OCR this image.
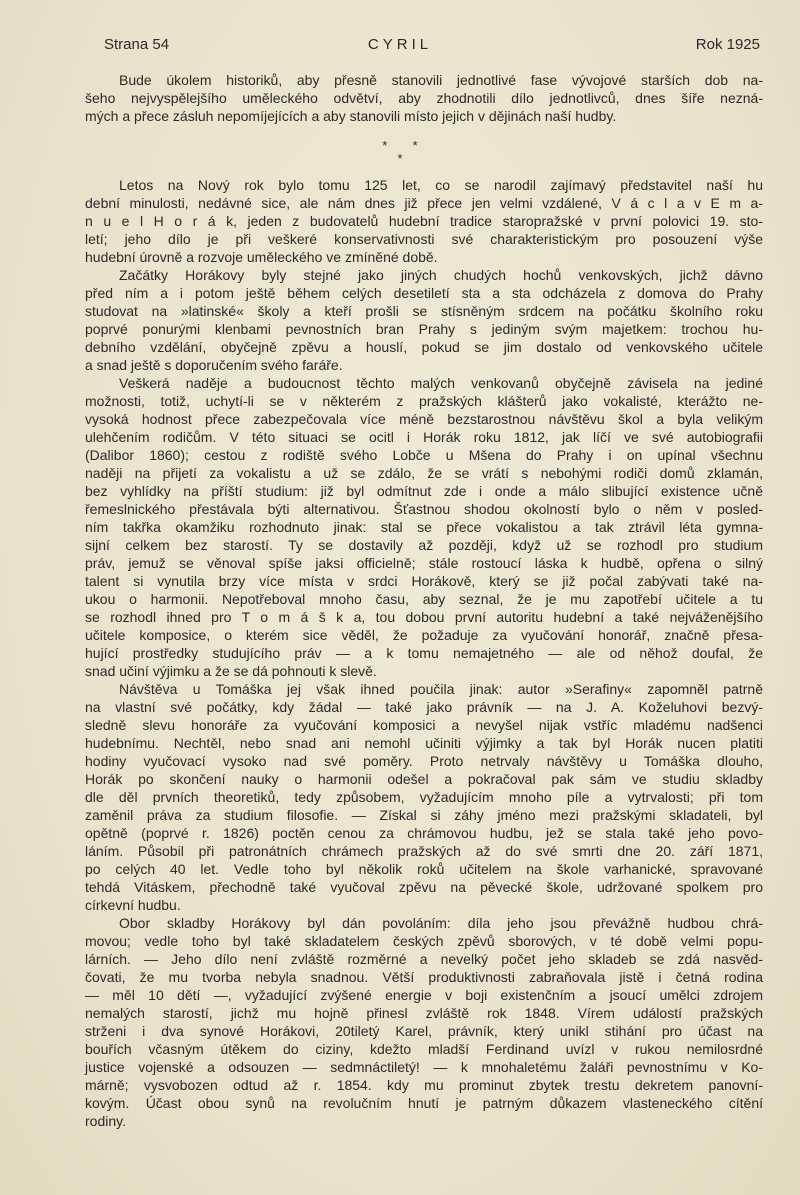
Strana 54	CYRIL	Rok 1925
Bude úkolem historiků, aby přesně stanovili jednotlivé fase vývojové starších dob na-
šeho nejvyspělejšího uměleckého odvětví, aby zhodnotili dílo jednotlivců, dnes šíře nezná-
mých a přece zásluh nepomíjejících a aby stanovili místo jejich v dějinách naší hudby.
*       *
*
Letos na Nový rok bylo tomu 125 let, co se narodil zajímavý představitel naší hu
dební minulosti, nedávné sice, ale nám dnes již přece jen velmi vzdálené, V á c l a v E m a-
n u e l H o r á k, jeden z budovatelů hudební tradice staropražské v první polovici 19. sto-
letí; jeho dílo je při veškeré konservativnosti své charakteristickým pro posouzení výše
hudební úrovně a rozvoje uměleckého ve zmíněné době.
Začátky Horákovy byly stejné jako jiných chudých hochů venkovských, jichž dávno
před ním a i potom ještě během celých desetiletí sta a sta odcházela z domova do Prahy
studovat na »latinské« školy a kteří prošli se stísněným srdcem na počátku školního roku
poprvé ponurými klenbami pevnostních bran Prahy s jediným svým majetkem: trochou hu-
debního vzdělání, obyčejně zpěvu a houslí, pokud se jim dostalo od venkovského učitele
a snad ještě s doporučením svého faráře.
Veškerá naděje a budoucnost těchto malých venkovanů obyčejně závisela na jediné
možnosti, totiž, uchytí-li se v některém z pražských klášterů jako vokalisté, kterážto ne-
vysoká hodnost přece zabezpečovala více méně bezstarostnou návštěvu škol a byla velikým
ulehčením rodičům. V této situaci se ocitl i Horák roku 1812, jak líčí ve své autobiografii
(Dalibor 1860); cestou z rodiště svého Lobče u Mšena do Prahy i on upínal všechnu
naději na přijetí za vokalistu a už se zdálo, že se vrátí s nebohými rodiči domů zklamán,
bez vyhlídky na příští studium: již byl odmítnut zde i onde a málo slibující existence učně
řemeslnického přestávala býti alternativou. Šťastnou shodou okolností bylo o něm v posled-
ním takřka okamžiku rozhodnuto jinak: stal se přece vokalistou a tak ztrávil léta gymna-
sijní celkem bez starostí. Ty se dostavily až později, když už se rozhodl pro studium
práv, jemuž se věnoval spíše jaksi officielně; stále rostoucí láska k hudbě, opřena o silný
talent si vynutila brzy více místa v srdci Horákově, který se již počal zabývati také na-
ukou o harmonii. Nepotřeboval mnoho času, aby seznal, že je mu zapotřebí učitele a tu
se rozhodl ihned pro T o m á š k a, tou dobou první autoritu hudební a také nejváženějšího
učitele komposice, o kterém sice věděl, že požaduje za vyučování honorář, značně přesa-
hující prostředky studujícího práv — a k tomu nemajetného — ale od něhož doufal, že
snad učiní výjimku a že se dá pohnouti k slevě.
Návštěva u Tomáška jej však ihned poučila jinak: autor »Serafiny« zapomněl patrně
na vlastní své počátky, kdy žádal — také jako právník — na J. A. Koželuhovi bezvý-
sledně slevu honoráře za vyučování komposici a nevyšel nijak vstříc mladému nadšenci
hudebnímu. Nechtěl, nebo snad ani nemohl učiniti výjimky a tak byl Horák nucen platiti
hodiny vyučovací vysoko nad své poměry. Proto netrvaly návštěvy u Tomáška dlouho,
Horák po skončení nauky o harmonii odešel a pokračoval pak sám ve studiu skladby
dle děl prvních theoretiků, tedy způsobem, vyžadujícím mnoho píle a vytrvalosti; při tom
zaměnil práva za studium filosofie. — Získal si záhy jméno mezi pražskými skladateli, byl
opětně (poprvé r. 1826) poctěn cenou za chrámovou hudbu, jež se stala také jeho povo-
láním. Působil při patronátních chrámech pražských až do své smrti dne 20. září 1871,
po celých 40 let. Vedle toho byl několik roků učitelem na škole varhanické, spravované
tehdá Vitáskem, přechodně také vyučoval zpěvu na pěvecké škole, udržované spolkem pro
církevní hudbu.
Obor skladby Horákovy byl dán povoláním: díla jeho jsou převážně hudbou chrá-
movou; vedle toho byl také skladatelem českých zpěvů sborových, v té době velmi popu-
lárních. — Jeho dílo není zvláště rozměrné a nevelký počet jeho skladeb se zdá nasvěd-
čovati, že mu tvorba nebyla snadnou. Větší produktivnosti zabraňovala jistě i četná rodina
— měl 10 dětí —, vyžadující zvýšené energie v boji existenčním a jsoucí umělci zdrojem
nemalých starostí, jichž mu hojně přinesl zvláště rok 1848. Vírem událostí pražských
strženi i dva synové Horákovi, 20tiletý Karel, právník, který unikl stihání pro účast na
bouřích včasným útěkem do ciziny, kdežto mladší Ferdinand uvízl v rukou nemilosrdné
justice vojenské a odsouzen — sedmnáctiletý! — k mnohaletému žaláři pevnostnímu v Ko-
márně; vysvobozen odtud až r. 1854. kdy mu prominut zbytek trestu dekretem panovní-
kovým. Účast obou synů na revolučním hnutí je patrným důkazem vlasteneckého cítění
rodiny.
